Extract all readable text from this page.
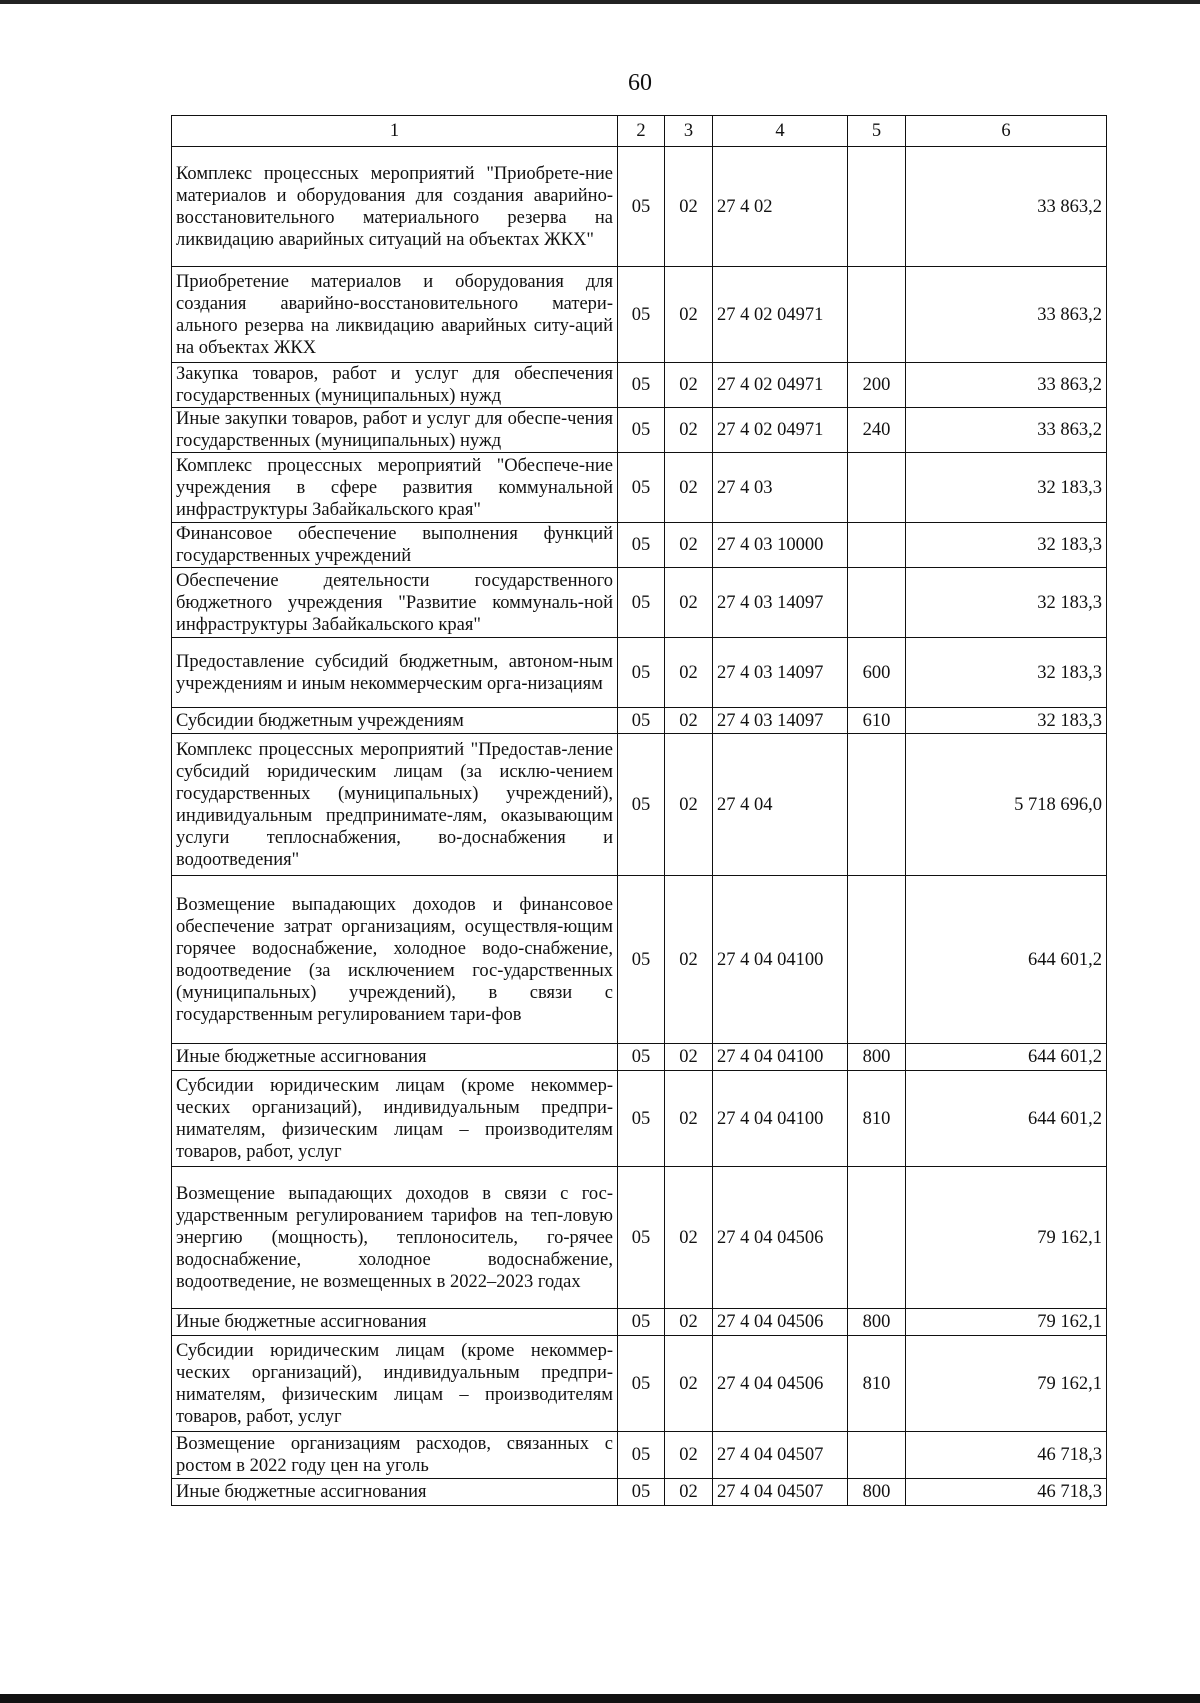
60
1	2	3	4	5	6
Комплекс процессных мероприятий "Приобрете-ние материалов и оборудования для создания аварийно-восстановительного материального резерва на ликвидацию аварийных ситуаций на объектах ЖКХ"	05	02	27 4 02		33 863,2
Приобретение материалов и оборудования для создания аварийно-восстановительного матери-ального резерва на ликвидацию аварийных ситу-аций на объектах ЖКХ	05	02	27 4 02 04971		33 863,2
Закупка товаров, работ и услуг для обеспечения государственных (муниципальных) нужд	05	02	27 4 02 04971	200	33 863,2
Иные закупки товаров, работ и услуг для обеспе-чения государственных (муниципальных) нужд	05	02	27 4 02 04971	240	33 863,2
Комплекс процессных мероприятий "Обеспече-ние учреждения в сфере развития коммунальной инфраструктуры Забайкальского края"	05	02	27 4 03		32 183,3
Финансовое обеспечение выполнения функций государственных учреждений	05	02	27 4 03 10000		32 183,3
Обеспечение деятельности государственного бюджетного учреждения "Развитие коммуналь-ной инфраструктуры Забайкальского края"	05	02	27 4 03 14097		32 183,3
Предоставление субсидий бюджетным, автоном-ным учреждениям и иным некоммерческим орга-низациям	05	02	27 4 03 14097	600	32 183,3
Субсидии бюджетным учреждениям	05	02	27 4 03 14097	610	32 183,3
Комплекс процессных мероприятий "Предостав-ление субсидий юридическим лицам (за исклю-чением государственных (муниципальных) учреждений), индивидуальным предпринимате-лям, оказывающим услуги теплоснабжения, во-доснабжения и водоотведения"	05	02	27 4 04		5 718 696,0
Возмещение выпадающих доходов и финансовое обеспечение затрат организациям, осуществля-ющим горячее водоснабжение, холодное водо-снабжение, водоотведение (за исключением гос-ударственных (муниципальных) учреждений), в связи с государственным регулированием тари-фов	05	02	27 4 04 04100		644 601,2
Иные бюджетные ассигнования	05	02	27 4 04 04100	800	644 601,2
Субсидии юридическим лицам (кроме некоммер-ческих организаций), индивидуальным предпри-нимателям, физическим лицам – производителям товаров, работ, услуг	05	02	27 4 04 04100	810	644 601,2
Возмещение выпадающих доходов в связи с гос-ударственным регулированием тарифов на теп-ловую энергию (мощность), теплоноситель, го-рячее водоснабжение, холодное водоснабжение, водоотведение, не возмещенных в 2022–2023 годах	05	02	27 4 04 04506		79 162,1
Иные бюджетные ассигнования	05	02	27 4 04 04506	800	79 162,1
Субсидии юридическим лицам (кроме некоммер-ческих организаций), индивидуальным предпри-нимателям, физическим лицам – производителям товаров, работ, услуг	05	02	27 4 04 04506	810	79 162,1
Возмещение организациям расходов, связанных с ростом в 2022 году цен на уголь	05	02	27 4 04 04507		46 718,3
Иные бюджетные ассигнования	05	02	27 4 04 04507	800	46 718,3
